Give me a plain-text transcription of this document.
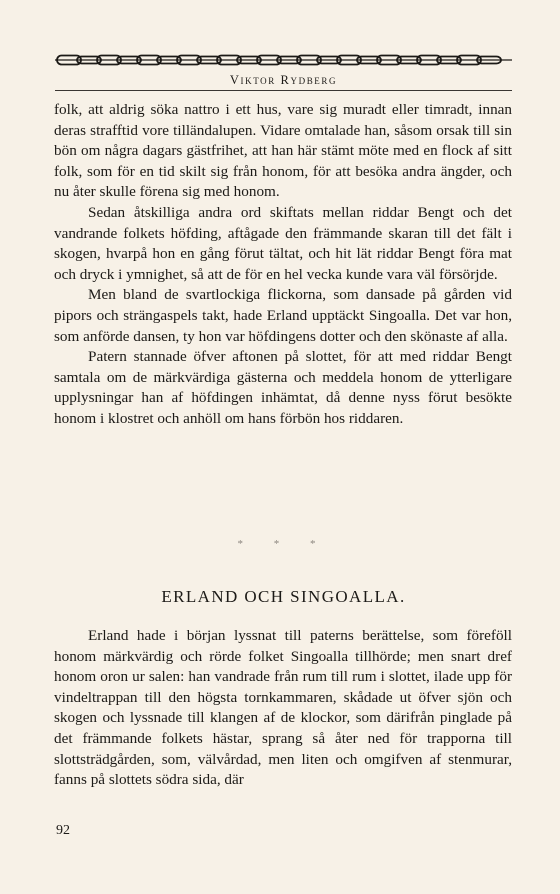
Viktor Rydberg

folk, att aldrig söka nattro i ett hus, vare sig muradt eller timradt, innan deras strafftid vore tilländalupen. Vidare omtalade han, såsom orsak till sin bön om några dagars gästfrihet, att han här stämt möte med en flock af sitt folk, som för en tid skilt sig från honom, för att besöka andra ängder, och nu åter skulle förena sig med honom.

Sedan åtskilliga andra ord skiftats mellan riddar Bengt och det vandrande folkets höfding, aftågade den främmande skaran till det fält i skogen, hvarpå hon en gång förut tältat, och hit lät riddar Bengt föra mat och dryck i ymnighet, så att de för en hel vecka kunde vara väl försörjde.

Men bland de svartlockiga flickorna, som dansade på gården vid pipors och strängaspels takt, hade Erland upptäckt Singoalla. Det var hon, som anförde dansen, ty hon var höfdingens dotter och den skönaste af alla.

Patern stannade öfver aftonen på slottet, för att med riddar Bengt samtala om de märkvärdiga gästerna och meddela honom de ytterligare upplysningar han af höfdingen inhämtat, då denne nyss förut besökte honom i klostret och anhöll om hans förbön hos riddaren.

* * *
ERLAND OCH SINGOALLA.

Erland hade i början lyssnat till paterns berättelse, som föreföll honom märkvärdig och rörde folket Singoalla tillhörde; men snart dref honom oron ur salen: han vandrade från rum till rum i slottet, ilade upp för vindeltrappan till den högsta tornkammaren, skådade ut öfver sjön och skogen och lyssnade till klangen af de klockor, som därifrån pinglade på det främmande folkets hästar, sprang så åter ned för trapporna till slottsträdgården, som, välvårdad, men liten och omgifven af stenmurar, fanns på slottets södra sida, där

92
